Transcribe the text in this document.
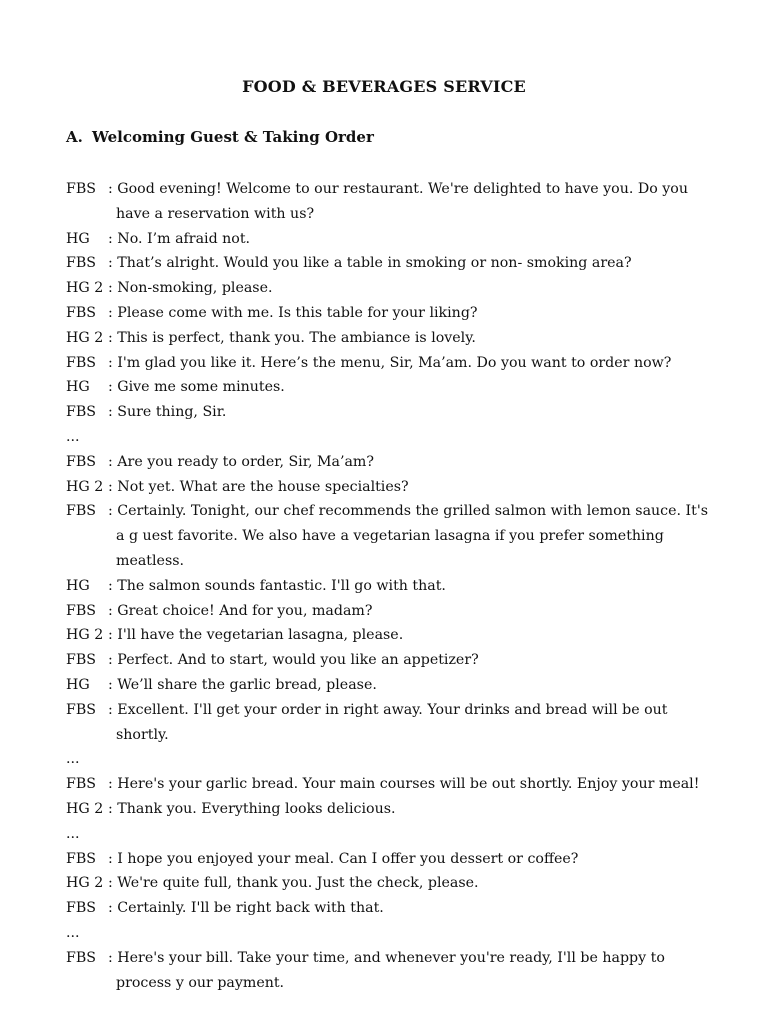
FOOD & BEVERAGES SERVICE
A. Welcoming Guest & Taking Order
FBS : Good evening! Welcome to our restaurant. We're delighted to have you. Do you have a reservation with us?
HG	: No. I’m afraid not.
FBS : That’s alright. Would you like a table in smoking or non- smoking area?
HG 2 : Non-smoking, please.
FBS : Please come with me. Is this table for your liking?
HG 2 : This is perfect, thank you. The ambiance is lovely.
FBS : I'm glad you like it. Here’s the menu, Sir, Ma’am. Do you want to order now?
HG	: Give me some minutes.
FBS : Sure thing, Sir.
...
FBS : Are you ready to order, Sir, Ma’am?
HG 2 : Not yet. What are the house specialties?
FBS : Certainly. Tonight, our chef recommends the grilled salmon with lemon sauce. It's a g uest favorite. We also have a vegetarian lasagna if you prefer something meatless.
HG	: The salmon sounds fantastic. I'll go with that.
FBS : Great choice! And for you, madam?
HG 2 : I'll have the vegetarian lasagna, please.
FBS : Perfect. And to start, would you like an appetizer?
HG	: We’ll share the garlic bread, please.
FBS : Excellent. I'll get your order in right away. Your drinks and bread will be out shortly.
...
FBS : Here's your garlic bread. Your main courses will be out shortly. Enjoy your meal!
HG 2 : Thank you. Everything looks delicious.
...
FBS : I hope you enjoyed your meal. Can I offer you dessert or coffee?
HG 2 : We're quite full, thank you. Just the check, please.
FBS : Certainly. I'll be right back with that.
...
FBS : Here's your bill. Take your time, and whenever you're ready, I'll be happy to process y our payment.
